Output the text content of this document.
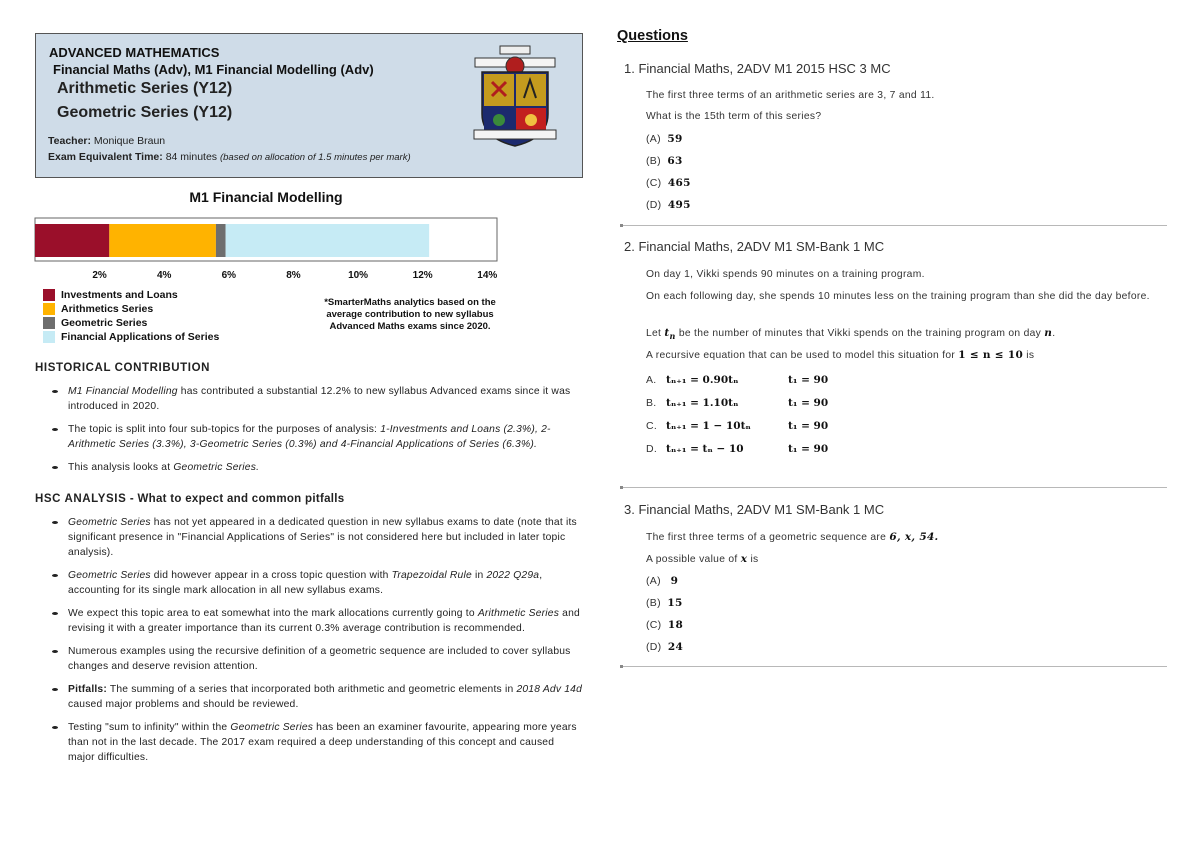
ADVANCED MATHEMATICS
Financial Maths (Adv), M1 Financial Modelling (Adv)
Arithmetic Series (Y12)
Geometric Series (Y12)
Teacher: Monique Braun
Exam Equivalent Time: 84 minutes (based on allocation of 1.5 minutes per mark)
M1 Financial Modelling
2%	4%	6%	8%	10%	12%	14%
Investments and Loans
Arithmetics Series
Geometric Series
Financial Applications of Series
*SmarterMaths analytics based on the average contribution to new syllabus Advanced Maths exams since 2020.
HISTORICAL CONTRIBUTION
M1 Financial Modelling has contributed a substantial 12.2% to new syllabus Advanced exams since it was introduced in 2020.
The topic is split into four sub-topics for the purposes of analysis: 1-Investments and Loans (2.3%), 2-Arithmetic Series (3.3%), 3-Geometric Series (0.3%) and 4-Financial Applications of Series (6.3%).
This analysis looks at Geometric Series.
HSC ANALYSIS - What to expect and common pitfalls
Geometric Series has not yet appeared in a dedicated question in new syllabus exams to date (note that its significant presence in "Financial Applications of Series" is not considered here but included in later topic analysis).
Geometric Series did however appear in a cross topic question with Trapezoidal Rule in 2022 Q29a, accounting for its single mark allocation in all new syllabus exams.
We expect this topic area to eat somewhat into the mark allocations currently going to Arithmetic Series and revising it with a greater importance than its current 0.3% average contribution is recommended.
Numerous examples using the recursive definition of a geometric sequence are included to cover syllabus changes and deserve revision attention.
Pitfalls: The summing of a series that incorporated both arithmetic and geometric elements in 2018 Adv 14d caused major problems and should be reviewed.
Testing "sum to infinity" within the Geometric Series has been an examiner favourite, appearing more years than not in the last decade. The 2017 exam required a deep understanding of this concept and caused major difficulties.
Questions
1. Financial Maths, 2ADV M1 2015 HSC 3 MC
The first three terms of an arithmetic series are 3, 7 and 11.
What is the 15th term of this series?
(A) 59
(B) 63
(C) 465
(D) 495
2. Financial Maths, 2ADV M1 SM-Bank 1 MC
On day 1, Vikki spends 90 minutes on a training program.
On each following day, she spends 10 minutes less on the training program than she did the day before.
Let $t_n$ be the number of minutes that Vikki spends on the training program on day n.
A recursive equation that can be used to model this situation for 1 ≤ n ≤ 10 is
A. tₙ₊₁ = 0.90tₙ	t₁ = 90
B. tₙ₊₁ = 1.10tₙ	t₁ = 90
C. tₙ₊₁ = 1 − 10tₙ	t₁ = 90
D. tₙ₊₁ = tₙ − 10	t₁ = 90
3. Financial Maths, 2ADV M1 SM-Bank 1 MC
The first three terms of a geometric sequence are 6, x, 54.
A possible value of x is
(A) 9
(B) 15
(C) 18
(D) 24
